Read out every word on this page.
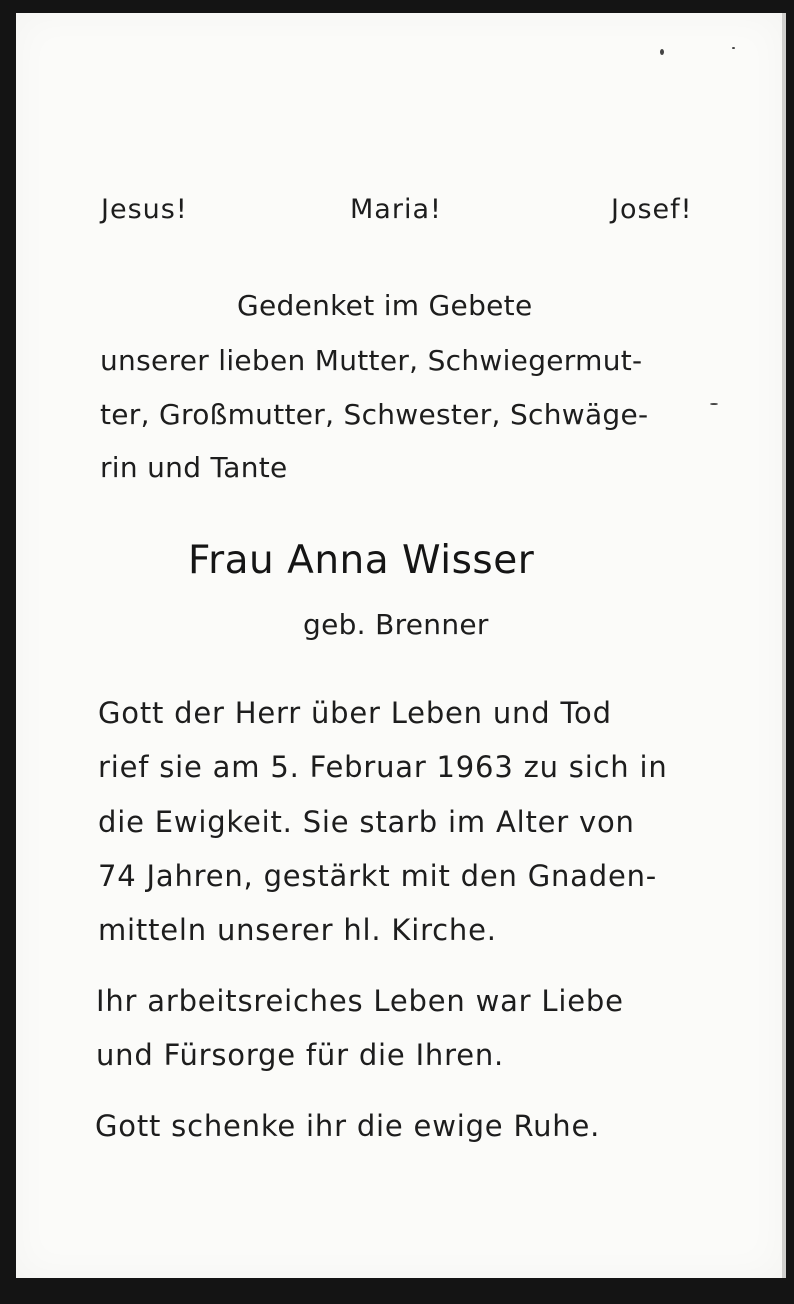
Jesus!	Maria!	Josef!

Gedenket im Gebete

unserer lieben Mutter, Schwiegermut-

ter, Großmutter, Schwester, Schwäge-

rin und Tante

Frau Anna Wisser

geb. Brenner

Gott der Herr über Leben und Tod

rief sie am 5. Februar 1963 zu sich in

die Ewigkeit. Sie starb im Alter von

74 Jahren, gestärkt mit den Gnaden-

mitteln unserer hl. Kirche.

Ihr arbeitsreiches Leben war Liebe

und Fürsorge für die Ihren.

Gott schenke ihr die ewige Ruhe.
